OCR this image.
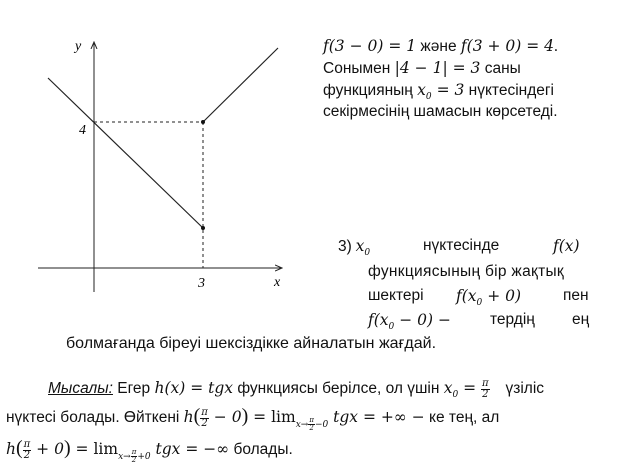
y
x
4
3
f(3 − 0) = 1 және f(3 + 0) = 4.
Сонымен |4 − 1| = 3 саны
функцияның $x_0 = 3$ нүктесіндегі
секірмесінің шамасын көрсетеді.
3) $x_0$	нүктесінде	f(x)
функциясының бір жақтық
шектері $f(x_0 + 0)$	пен
$f(x_0 - 0)$ −	тердің ең
болмағанда біреуі шексіздікке айналатын жағдай.
Мысалы: Егер h(x) = tgx функциясы берілсе, ол үшін $x_0 = \frac{\pi}{2}$ үзіліс
нүктесі болады. Өйткені $h( \frac{\pi}{2} - 0) = \lim_{x\to \frac{\pi}{2} -0}$ tgx = +∞ − ке тең, ал
$h( \frac{\pi}{2} + 0) = \lim_{x\to \frac{\pi}{2} +0}$ tgx = −∞ болады.
